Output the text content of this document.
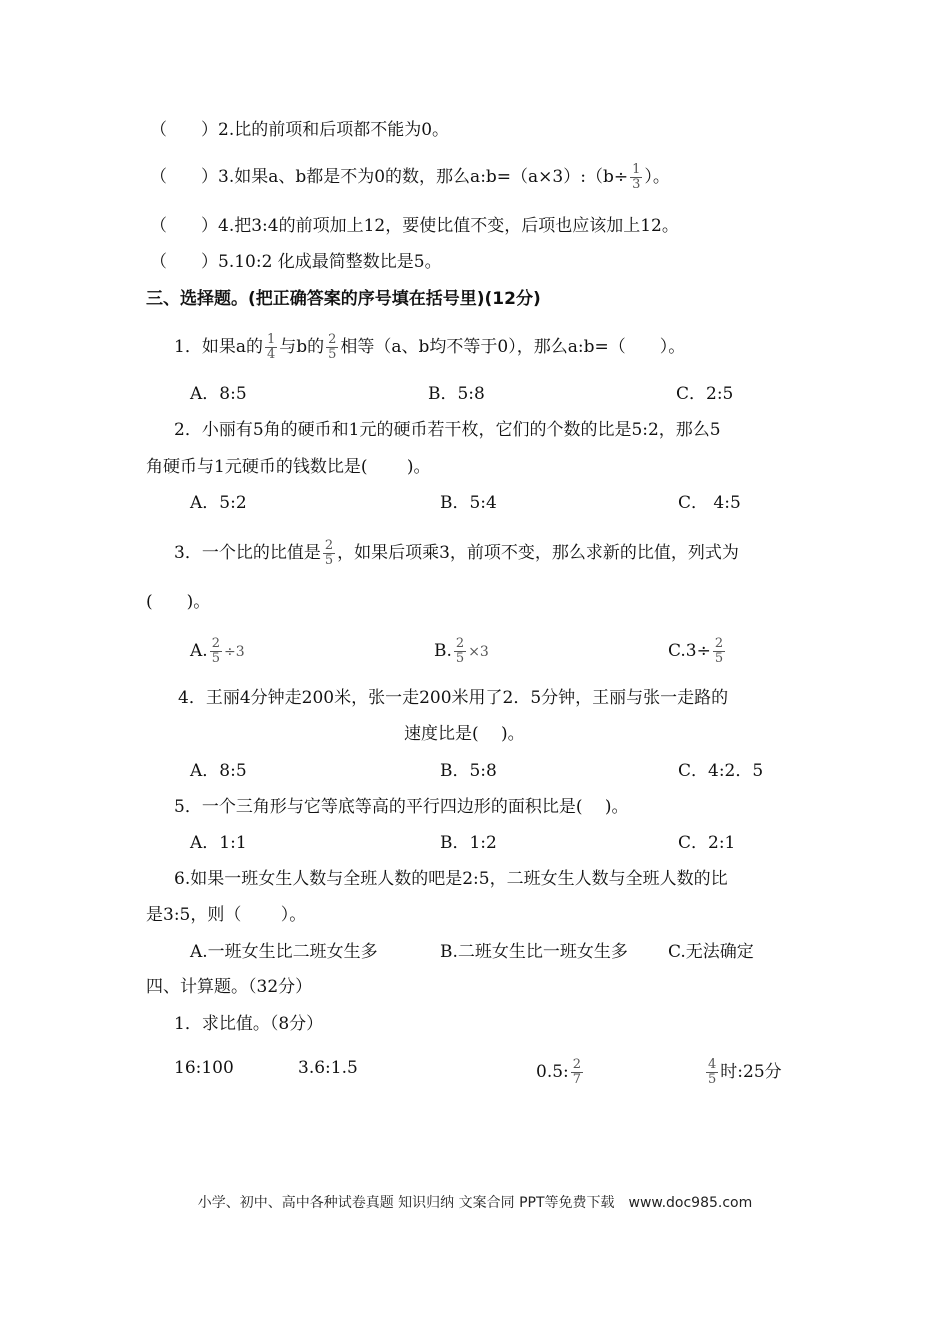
（　　）2.比的前项和后项都不能为0。
（　　）3.如果a、b都是不为0的数，那么a:b=（a×3）:（b÷ $\frac{1}{3}$ ）。
（　　）4.把3:4的前项加上12，要使比值不变，后项也应该加上12。
（　　）5.10:2 化成最简整数比是5。
三、选择题。(把正确答案的序号填在括号里)(12分)
1．如果a的 $\frac{1}{4}$ 与b的 $\frac{2}{5}$ 相等（a、b均不等于0），那么a:b=（　　）。
A．8:5	B．5:8	C．2:5
2．小丽有5角的硬币和1元的硬币若干枚，它们的个数的比是5:2，那么5
角硬币与1元硬币的钱数比是(　　 )。
A．5:2	B．5:4	C． 4:5
3．一个比的比值是 $\frac{2}{5}$ ，如果后项乘3，前项不变，那么求新的比值，列式为
(　　)。
A. $\frac{2}{5} \div 3$	B. $\frac{2}{5} \times 3$	$C.3\div \frac{2}{5}$
4．王丽4分钟走200米，张一走200米用了2．5分钟，王丽与张一走路的
速度比是(　 )。
A．8:5	B．5:8	C．4:2．5
5．一个三角形与它等底等高的平行四边形的面积比是(　 )。
A．1:1	B．1:2	C．2:1
6.如果一班女生人数与全班人数的吧是2:5，二班女生人数与全班人数的比
是3:5，则（　　 ）。
A.一班女生比二班女生多	B.二班女生比一班女生多 C.无法确定
四、计算题。（32分）
1．求比值。（8分）
16:100	3.6:1.5	0.5: $\frac{2}{7}$	$\frac{4}{5}$ 时:25分
小学、初中、高中各种试卷真题 知识归纳 文案合同 PPT等免费下载　www.doc985.com
